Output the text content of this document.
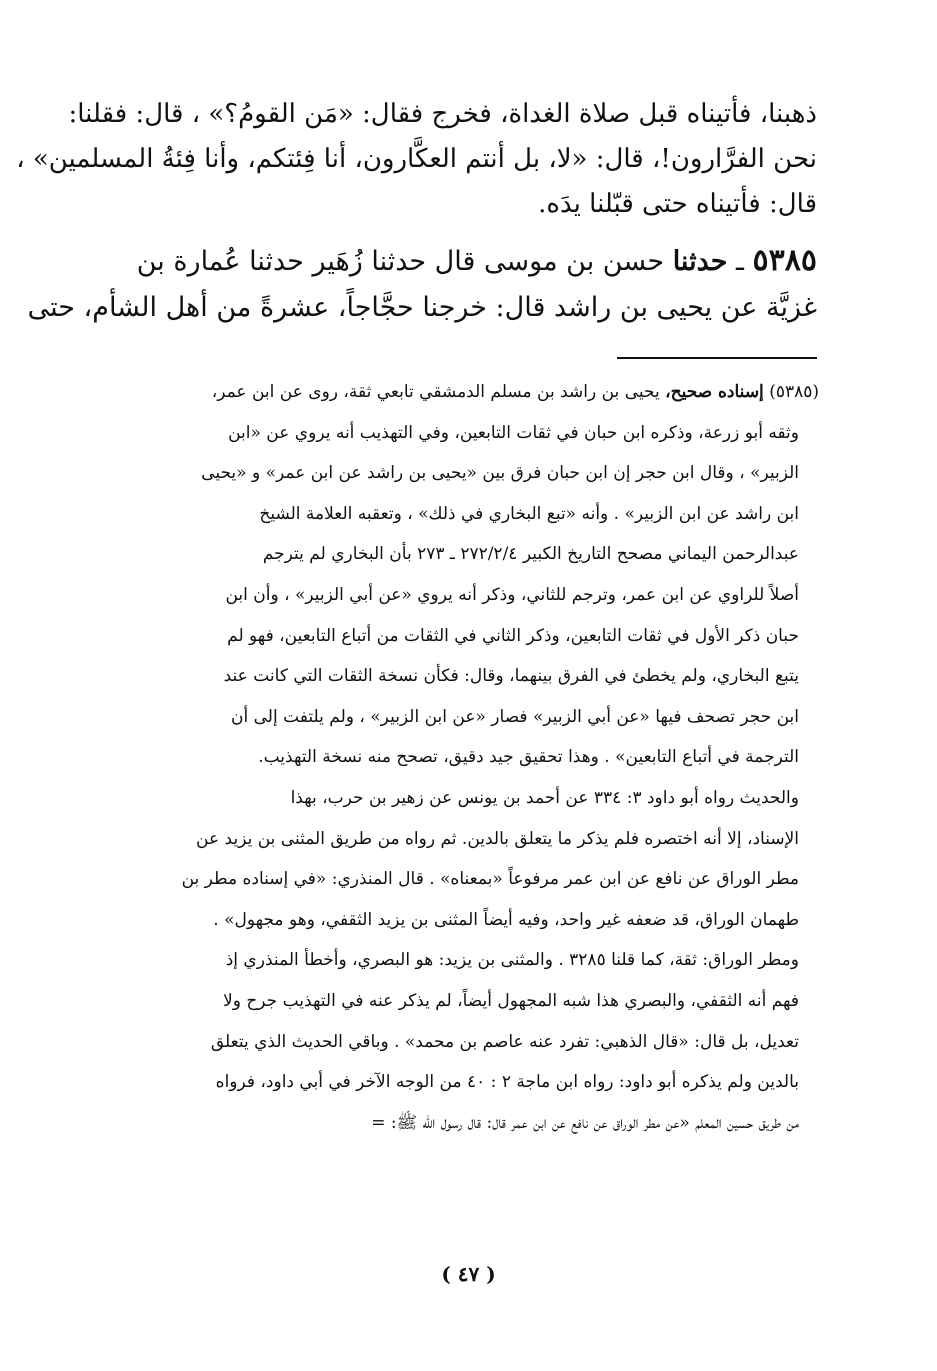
ذهبنا، فأتيناه قبل صلاة الغداة، فخرج فقال: «مَن القومُ؟» ، قال: فقلنا:
نحن الفرَّارون!، قال: «لا، بل أنتم العكَّارون، أنا فِئتكم، وأنا فِئةُ المسلمين» ،
قال: فأتيناه حتى قبّلنا يدَه.
٥٣٨٥ ـ حدثنا حسن بن موسى قال حدثنا زُهَير حدثنا عُمارة بن
غزيَّة عن يحيى بن راشد قال: خرجنا حجَّاجاً، عشرةً من أهل الشأم، حتى
(٥٣٨٥) إسناده صحيح، يحيى بن راشد بن مسلم الدمشقي تابعي ثقة، روى عن ابن عمر،
وثقه أبو زرعة، وذكره ابن حبان في ثقات التابعين، وفي التهذيب أنه يروي عن «ابن
الزبير» ، وقال ابن حجر إن ابن حبان فرق بين «يحيى بن راشد عن ابن عمر» و «يحيى
ابن راشد عن ابن الزبير» . وأنه «تبع البخاري في ذلك» ، وتعقبه العلامة الشيخ
عبدالرحمن اليماني مصحح التاريخ الكبير ٢٧٢/٢/٤ ـ ٢٧٣ بأن البخاري لم يترجم
أصلاً للراوي عن ابن عمر، وترجم للثاني، وذكر أنه يروي «عن أبي الزبير» ، وأن ابن
حبان ذكر الأول في ثقات التابعين، وذكر الثاني في الثقات من أتباع التابعين، فهو لم
يتبع البخاري، ولم يخطئ في الفرق بينهما، وقال: فكأن نسخة الثقات التي كانت عند
ابن حجر تصحف فيها «عن أبي الزبير» فصار «عن ابن الزبير» ، ولم يلتفت إلى أن
الترجمة في أتباع التابعين» . وهذا تحقيق جيد دقيق، تصحح منه نسخة التهذيب.
والحديث رواه أبو داود ٣: ٣٣٤ عن أحمد بن يونس عن زهير بن حرب، بهذا
الإسناد، إلا أنه اختصره فلم يذكر ما يتعلق بالدين. ثم رواه من طريق المثنى بن يزيد عن
مطر الوراق عن نافع عن ابن عمر مرفوعاً «بمعناه» . قال المنذري: «في إسناده مطر بن
طهمان الوراق، قد ضعفه غير واحد، وفيه أيضاً المثنى بن يزيد الثقفي، وهو مجهول» .
ومطر الوراق: ثقة، كما قلنا ٣٢٨٥ . والمثنى بن يزيد: هو البصري، وأخطأ المنذري إذ
فهم أنه الثقفي، والبصري هذا شبه المجهول أيضاً، لم يذكر عنه في التهذيب جرح ولا
تعديل، بل قال: «قال الذهبي: تفرد عنه عاصم بن محمد» . وباقي الحديث الذي يتعلق
بالدين ولم يذكره أبو داود: رواه ابن ماجة ٢ : ٤٠ من الوجه الآخر في أبي داود، فرواه
من طريق حسين المعلم «عن مطر الوراق عن نافع عن ابن عمر قال: قال رسول الله ﷺ: =
( ٤٧ )
